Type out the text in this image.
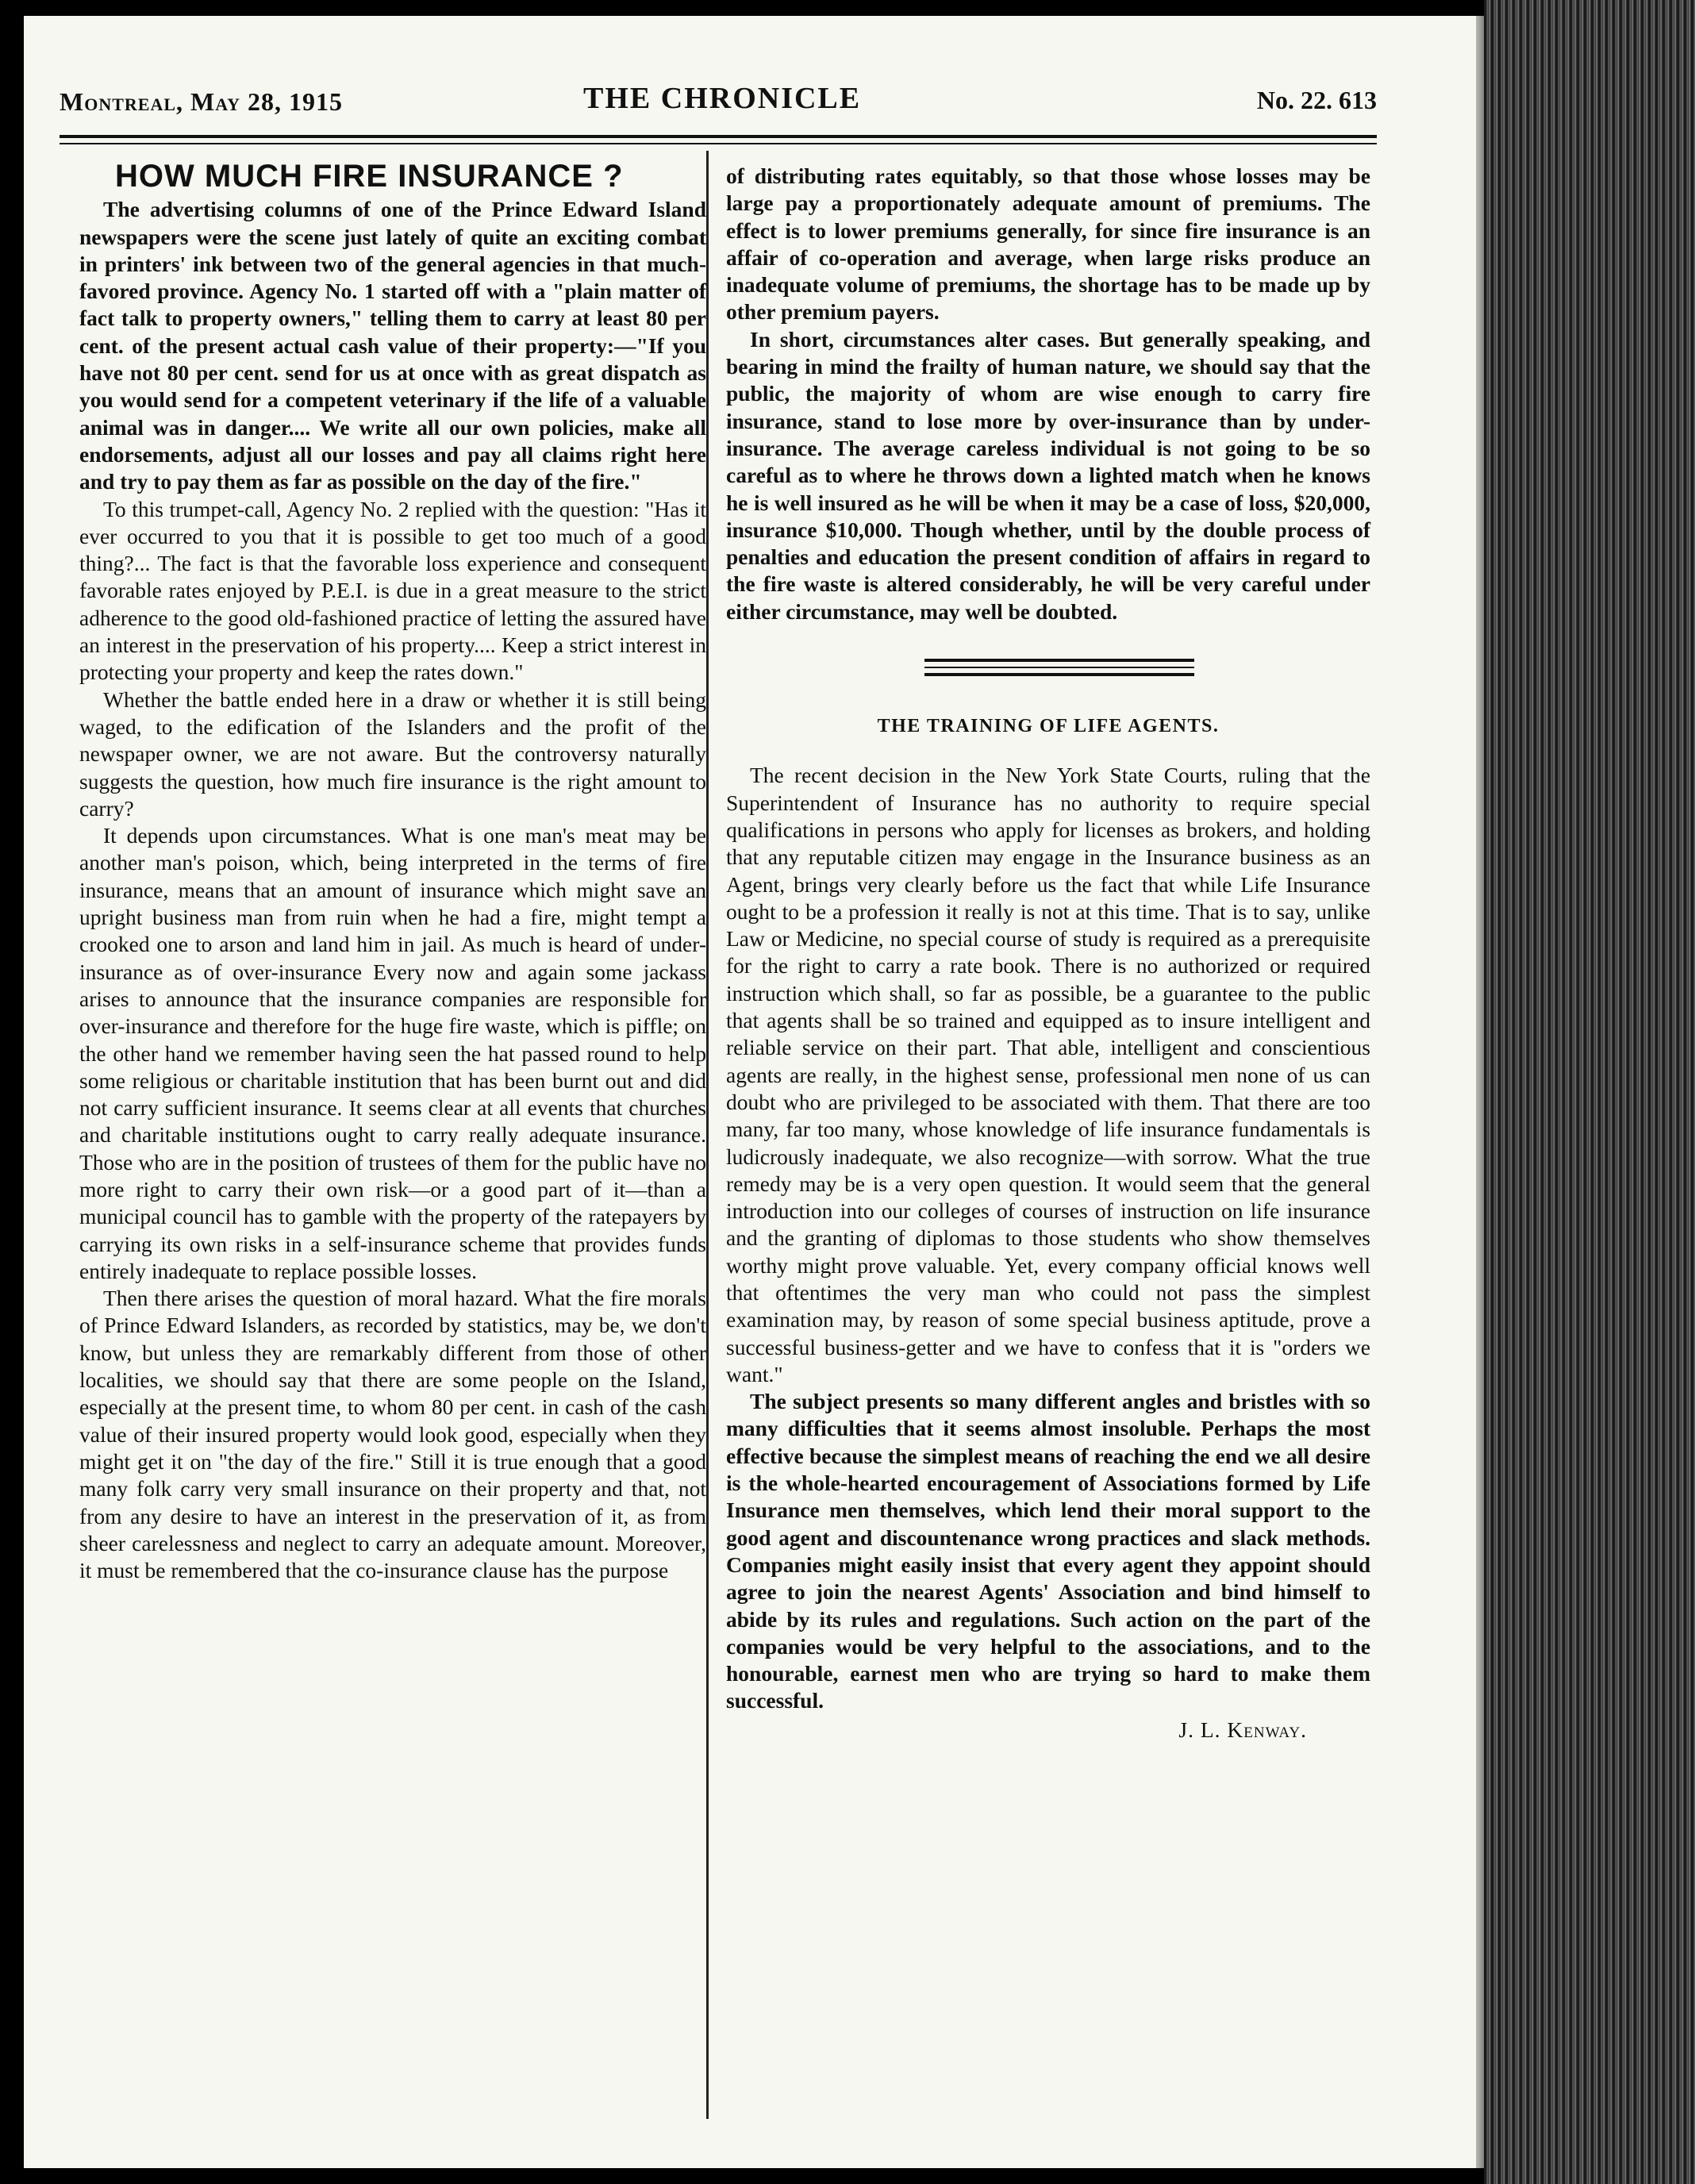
Montreal, May 28, 1915	THE CHRONICLE	No. 22. 613
HOW MUCH FIRE INSURANCE ?

The advertising columns of one of the Prince Edward Island newspapers were the scene just lately of quite an exciting combat in printers' ink between two of the general agencies in that much-favored province. Agency No. 1 started off with a "plain matter of fact talk to property owners," telling them to carry at least 80 per cent. of the present actual cash value of their property:—"If you have not 80 per cent. send for us at once with as great dispatch as you would send for a competent veterinary if the life of a valuable animal was in danger.... We write all our own policies, make all endorsements, adjust all our losses and pay all claims right here and try to pay them as far as possible on the day of the fire."

To this trumpet-call, Agency No. 2 replied with the question: "Has it ever occurred to you that it is possible to get too much of a good thing?... The fact is that the favorable loss experience and consequent favorable rates enjoyed by P.E.I. is due in a great measure to the strict adherence to the good old-fashioned practice of letting the assured have an interest in the preservation of his property.... Keep a strict interest in protecting your property and keep the rates down."

Whether the battle ended here in a draw or whether it is still being waged, to the edification of the Islanders and the profit of the newspaper owner, we are not aware. But the controversy naturally suggests the question, how much fire insurance is the right amount to carry?

It depends upon circumstances. What is one man's meat may be another man's poison, which, being interpreted in the terms of fire insurance, means that an amount of insurance which might save an upright business man from ruin when he had a fire, might tempt a crooked one to arson and land him in jail. As much is heard of under-insurance as of over-insurance Every now and again some jackass arises to announce that the insurance companies are responsible for over-insurance and therefore for the huge fire waste, which is piffle; on the other hand we remember having seen the hat passed round to help some religious or charitable institution that has been burnt out and did not carry sufficient insurance. It seems clear at all events that churches and charitable institutions ought to carry really adequate insurance. Those who are in the position of trustees of them for the public have no more right to carry their own risk—or a good part of it—than a municipal council has to gamble with the property of the ratepayers by carrying its own risks in a self-insurance scheme that provides funds entirely inadequate to replace possible losses.

Then there arises the question of moral hazard. What the fire morals of Prince Edward Islanders, as recorded by statistics, may be, we don't know, but unless they are remarkably different from those of other localities, we should say that there are some people on the Island, especially at the present time, to whom 80 per cent. in cash of the cash value of their insured property would look good, especially when they might get it on "the day of the fire." Still it is true enough that a good many folk carry very small insurance on their property and that, not from any desire to have an interest in the preservation of it, as from sheer carelessness and neglect to carry an adequate amount. Moreover, it must be remembered that the co-insurance clause has the purpose

of distributing rates equitably, so that those whose losses may be large pay a proportionately adequate amount of premiums. The effect is to lower premiums generally, for since fire insurance is an affair of co-operation and average, when large risks produce an inadequate volume of premiums, the shortage has to be made up by other premium payers.

In short, circumstances alter cases. But generally speaking, and bearing in mind the frailty of human nature, we should say that the public, the majority of whom are wise enough to carry fire insurance, stand to lose more by over-insurance than by under-insurance. The average careless individual is not going to be so careful as to where he throws down a lighted match when he knows he is well insured as he will be when it may be a case of loss, $20,000, insurance $10,000. Though whether, until by the double process of penalties and education the present condition of affairs in regard to the fire waste is altered considerably, he will be very careful under either circumstance, may well be doubted.

THE TRAINING OF LIFE AGENTS.

The recent decision in the New York State Courts, ruling that the Superintendent of Insurance has no authority to require special qualifications in persons who apply for licenses as brokers, and holding that any reputable citizen may engage in the Insurance business as an Agent, brings very clearly before us the fact that while Life Insurance ought to be a profession it really is not at this time. That is to say, unlike Law or Medicine, no special course of study is required as a prerequisite for the right to carry a rate book. There is no authorized or required instruction which shall, so far as possible, be a guarantee to the public that agents shall be so trained and equipped as to insure intelligent and reliable service on their part. That able, intelligent and conscientious agents are really, in the highest sense, professional men none of us can doubt who are privileged to be associated with them. That there are too many, far too many, whose knowledge of life insurance fundamentals is ludicrously inadequate, we also recognize—with sorrow. What the true remedy may be is a very open question. It would seem that the general introduction into our colleges of courses of instruction on life insurance and the granting of diplomas to those students who show themselves worthy might prove valuable. Yet, every company official knows well that oftentimes the very man who could not pass the simplest examination may, by reason of some special business aptitude, prove a successful business-getter and we have to confess that it is "orders we want."

The subject presents so many different angles and bristles with so many difficulties that it seems almost insoluble. Perhaps the most effective because the simplest means of reaching the end we all desire is the whole-hearted encouragement of Associations formed by Life Insurance men themselves, which lend their moral support to the good agent and discountenance wrong practices and slack methods. Companies might easily insist that every agent they appoint should agree to join the nearest Agents' Association and bind himself to abide by its rules and regulations. Such action on the part of the companies would be very helpful to the associations, and to the honourable, earnest men who are trying so hard to make them successful.

J. L. Kenway.
